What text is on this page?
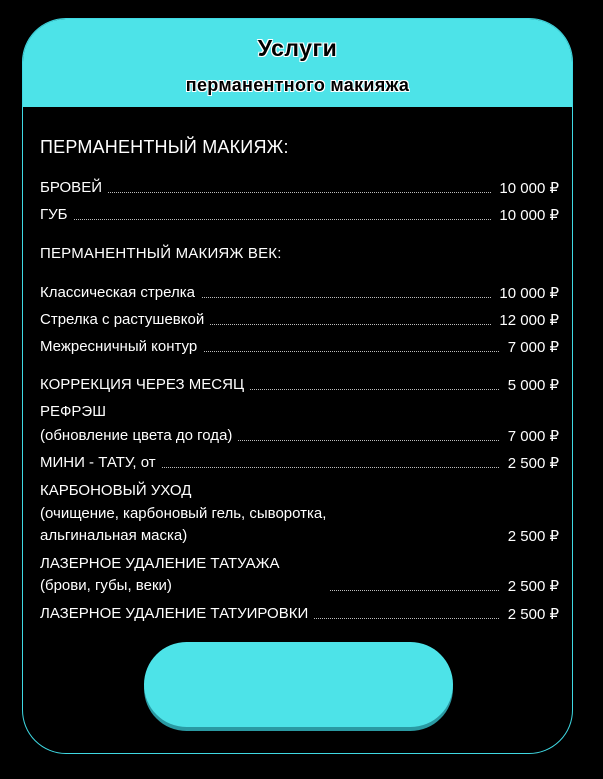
Услуги
перманентного макияжа
ПЕРМАНЕНТНЫЙ МАКИЯЖ:
БРОВЕЙ	10 000 ₽
ГУБ	10 000 ₽
ПЕРМАНЕНТНЫЙ МАКИЯЖ ВЕК:
Классическая стрелка	10 000 ₽
Стрелка с растушевкой	12 000 ₽
Межресничный контур	7 000 ₽
КОРРЕКЦИЯ ЧЕРЕЗ МЕСЯЦ	5 000 ₽
РЕФРЭШ
(обновление цвета до года)	7 000 ₽
МИНИ - ТАТУ, от	2 500 ₽
КАРБОНОВЫЙ УХОД
(очищение, карбоновый гель, сыворотка,
альгинальная маска)	2 500 ₽
ЛАЗЕРНОЕ УДАЛЕНИЕ ТАТУАЖА
(брови, губы, веки)	2 500 ₽
ЛАЗЕРНОЕ УДАЛЕНИЕ ТАТУИРОВКИ	2 500 ₽
